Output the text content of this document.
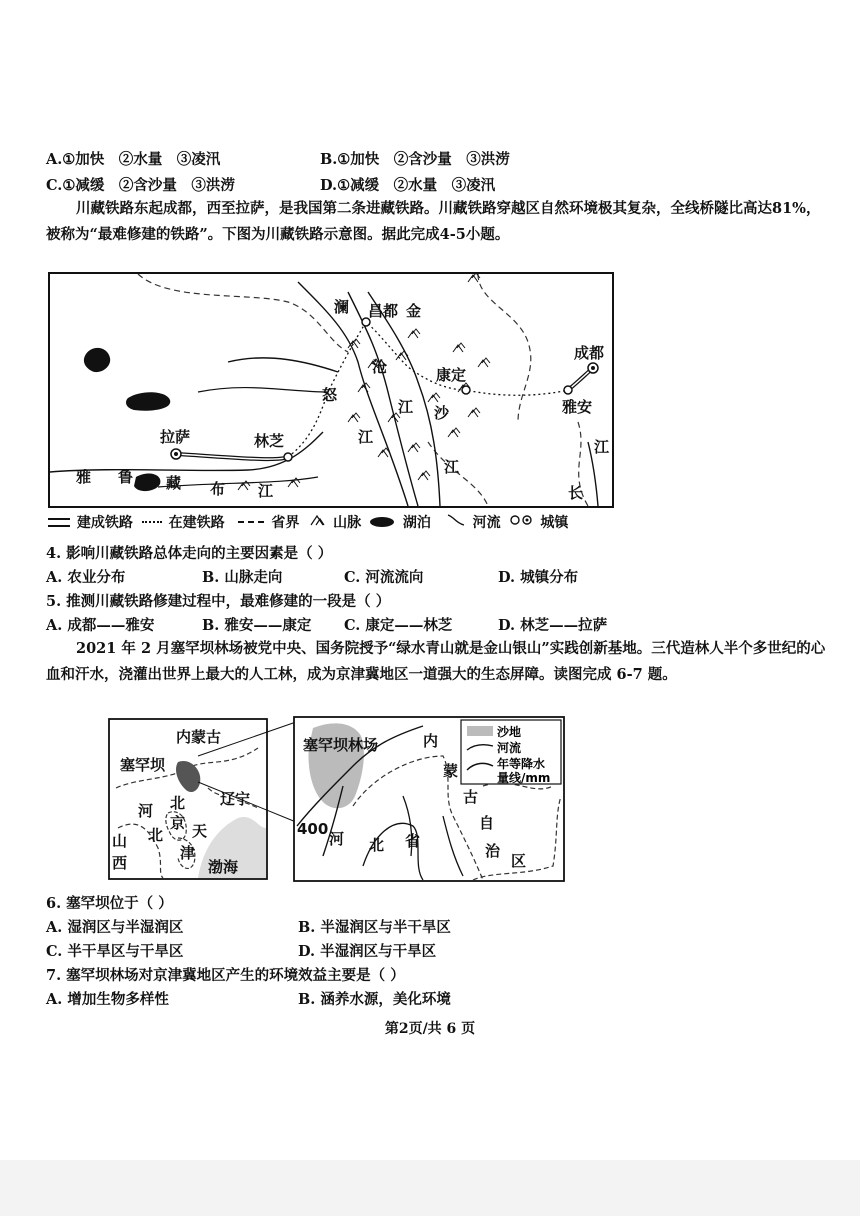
A.①加快　②水量　③凌汛	B.①加快　②含沙量　③洪涝
C.①减缓　②含沙量　③洪涝	D.①减缓　②水量　③凌汛
川藏铁路东起成都，西至拉萨，是我国第二条进藏铁路。川藏铁路穿越区自然环境极其复杂，全线桥隧比高达81%，被称为“最难修建的铁路”。下图为川藏铁路示意图。据此完成4-5小题。
澜 昌都 金
沧	康定
成都
雅安
怒
江 沙
江
江
江
拉萨	林芝
雅 鲁 藏 布 江	长
建成铁路	在建铁路	省界 山脉	湖泊	河流	城镇
4. 影响川藏铁路总体走向的主要因素是（ ）
A. 农业分布	B. 山脉走向	C. 河流流向	D. 城镇分布
5. 推测川藏铁路修建过程中，最难修建的一段是（ ）
A. 成都——雅安	B. 雅安——康定 C. 康定——林芝	D. 林芝——拉萨
2021 年 2 月塞罕坝林场被党中央、国务院授予“绿水青山就是金山银山”实践创新基地。三代造林人半个多世纪的心血和汗水，浇灌出世界上最大的人工林，成为京津冀地区一道强大的生态屏障。读图完成 6-7 题。
内蒙古
塞罕坝
辽宁
河 北
京 天
津
北
山
西	渤海
沙地
河流
年等降水
量线/mm
塞罕坝林场	内
蒙
古
自
治
区
河 北 省
400
6. 塞罕坝位于（ ）
A. 湿润区与半湿润区	B. 半湿润区与半干旱区
C. 半干旱区与干旱区	D. 半湿润区与干旱区
7. 塞罕坝林场对京津冀地区产生的环境效益主要是（ ）
A. 增加生物多样性	B. 涵养水源，美化环境
第2页/共 6 页
